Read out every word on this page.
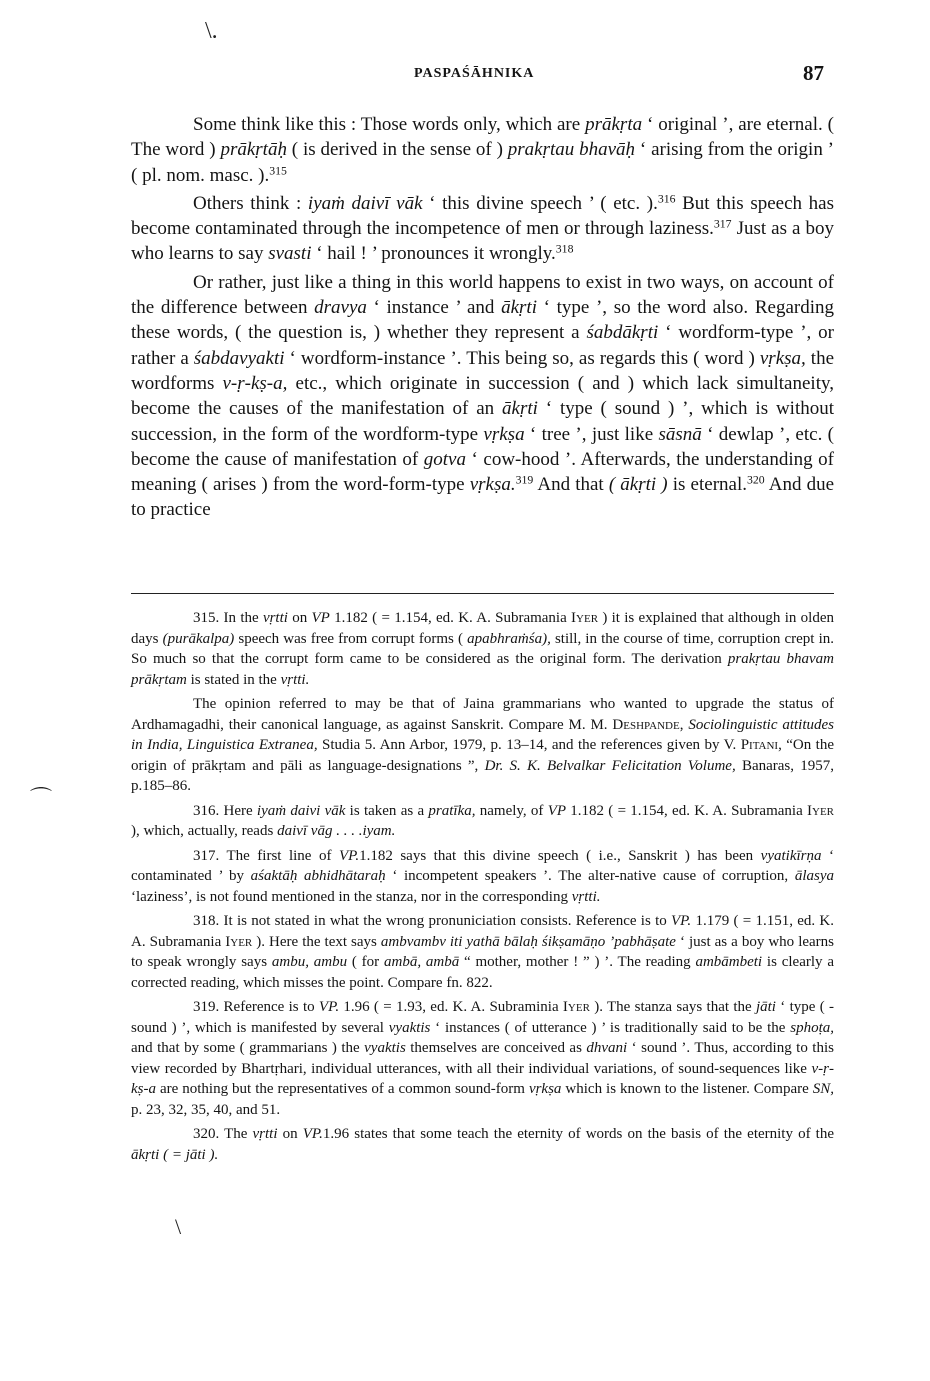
\.
⌒
\
PASPAŚĀHNIKA	87

Some think like this : Those words only, which are prākṛta ‘ original ’, are eternal. ( The word ) prākṛtāḥ ( is derived in the sense of ) prakṛtau bhavāḥ ‘ arising from the origin ’ ( pl. nom. masc. ).$^{315}$

Others think : iyaṁ daivī vāk ‘ this divine speech ’ ( etc. ).$^{316}$ But this speech has become contaminated through the incompetence of men or through laziness.$^{317}$ Just as a boy who learns to say svasti ‘ hail ! ’ pronounces it wrongly.$^{318}$

Or rather, just like a thing in this world happens to exist in two ways, on account of the difference between dravya ‘ instance ’ and ākṛti ‘ type ’, so the word also. Regarding these words, ( the question is, ) whether they represent a śabdākṛti ‘ wordform-type ’, or rather a śabdavyakti ‘ wordform-instance ’. This being so, as regards this ( word ) vṛkṣa, the wordforms v-ṛ-kṣ-a, etc., which originate in succession ( and ) which lack simultaneity, become the causes of the manifestation of an ākṛti ‘ type ( sound ) ’, which is without succession, in the form of the wordform-type vṛkṣa ‘ tree ’, just like sāsnā ‘ dewlap ’, etc. ( become the cause of manifestation of gotva ‘ cow-hood ’. Afterwards, the understanding of meaning ( arises ) from the word-form-type vṛkṣa.$^{319}$ And that ( ākṛti ) is eternal.$^{320}$ And due to practice

315. In the vṛtti on VP 1.182 ( = 1.154, ed. K. A. Subramania Iyer ) it is explained that although in olden days (purākalpa) speech was free from corrupt forms ( apabhraṁśa), still, in the course of time, corruption crept in. So much so that the corrupt form came to be considered as the original form. The derivation prakṛtau bhavam prākṛtam is stated in the vṛtti.

The opinion referred to may be that of Jaina grammarians who wanted to upgrade the status of Ardhamagadhi, their canonical language, as against Sanskrit. Compare M. M. Deshpande, Sociolinguistic attitudes in India, Linguistica Extranea, Studia 5. Ann Arbor, 1979, p. 13–14, and the references given by V. Pitani, “On the origin of prākṛtam and pāli as language-designations ”, Dr. S. K. Belvalkar Felicitation Volume, Banaras, 1957, p.185–86.

316. Here iyaṁ daivi vāk is taken as a pratīka, namely, of VP 1.182 ( = 1.154, ed. K. A. Subramania Iyer ), which, actually, reads daivī vāg . . . .iyam.

317. The first line of VP.1.182 says that this divine speech ( i.e., Sanskrit ) has been vyatikīrṇa ‘ contaminated ’ by aśaktāḥ abhidhātaraḥ ‘ incompetent speakers ’. The alter-native cause of corruption, ālasya ‘laziness’, is not found mentioned in the stanza, nor in the corresponding vṛtti.

318. It is not stated in what the wrong pronuniciation consists. Reference is to VP. 1.179 ( = 1.151, ed. K. A. Subramania Iyer ). Here the text says ambvambv iti yathā bālaḥ śikṣamāṇo ’pabhāṣate ‘ just as a boy who learns to speak wrongly says ambu, ambu ( for ambā, ambā “ mother, mother ! ” ) ’. The reading ambāmbeti is clearly a corrected reading, which misses the point. Compare fn. 822.

319. Reference is to VP. 1.96 ( = 1.93, ed. K. A. Subraminia Iyer ). The stanza says that the jāti ‘ type ( -sound ) ’, which is manifested by several vyaktis ‘ instances ( of utterance ) ’ is traditionally said to be the sphoṭa, and that by some ( grammarians ) the vyaktis themselves are conceived as dhvani ‘ sound ’. Thus, according to this view recorded by Bhartṛhari, individual utterances, with all their individual variations, of sound-sequences like v-ṛ-kṣ-a are nothing but the representatives of a common sound-form vṛkṣa which is known to the listener. Compare SN, p. 23, 32, 35, 40, and 51.

320. The vṛtti on VP.1.96 states that some teach the eternity of words on the basis of the eternity of the ākṛti ( = jāti ).
